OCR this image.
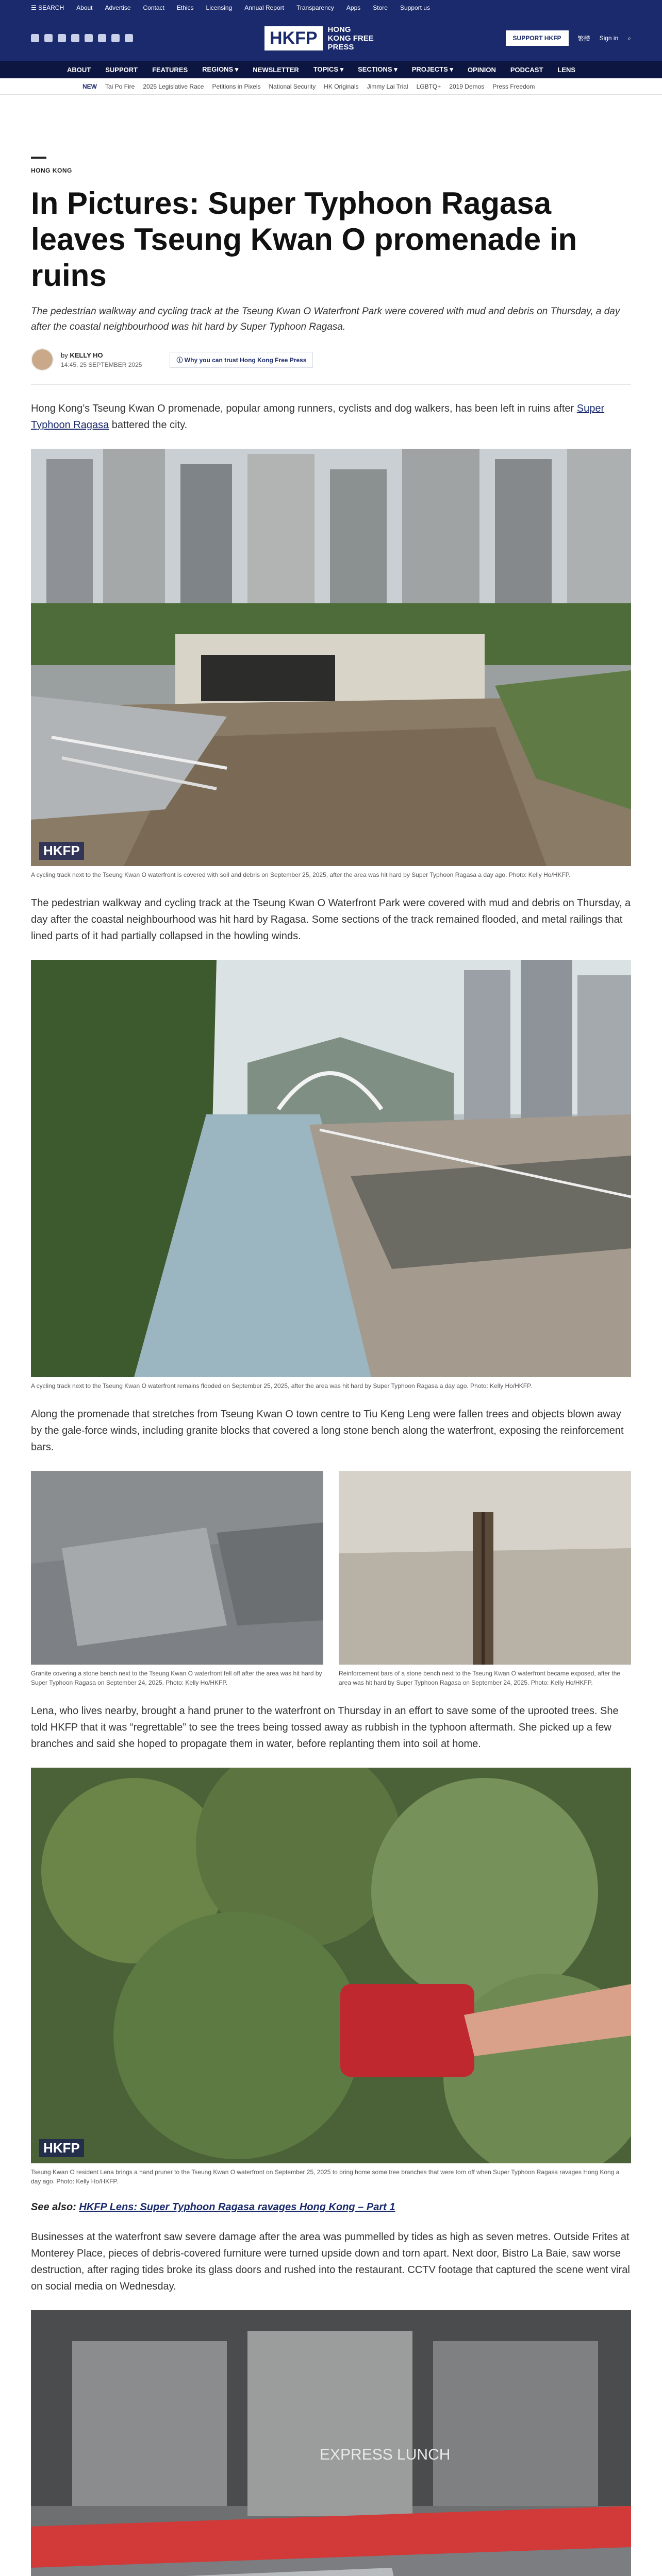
☰ SEARCH About Advertise Contact Ethics Licensing Annual Report Transparency Apps Store Support us
HKFP	HONG KONG FREE PRESS
SUPPORT HKFP	繁體 Sign in ⌕
ABOUT SUPPORT FEATURES REGIONS ▾ NEWSLETTER TOPICS ▾ SECTIONS ▾ PROJECTS ▾ OPINION PODCAST LENS
NEW Tai Po Fire 2025 Legislative Race Petitions in Pixels National Security HK Originals Jimmy Lai Trial LGBTQ+ 2019 Demos Press Freedom
HONG KONG
In Pictures: Super Typhoon Ragasa leaves Tseung Kwan O promenade in ruins

The pedestrian walkway and cycling track at the Tseung Kwan O Waterfront Park were covered with mud and debris on Thursday, a day after the coastal neighbourhood was hit hard by Super Typhoon Ragasa.

by KELLY HO
14:45, 25 SEPTEMBER 2025
ⓘ Why you can trust Hong Kong Free Press

Hong Kong’s Tseung Kwan O promenade, popular among runners, cyclists and dog walkers, has been left in ruins after Super Typhoon Ragasa battered the city.

HKFP

A cycling track next to the Tseung Kwan O waterfront is covered with soil and debris on September 25, 2025, after the area was hit hard by Super Typhoon Ragasa a day ago. Photo: Kelly Ho/HKFP.

The pedestrian walkway and cycling track at the Tseung Kwan O Waterfront Park were covered with mud and debris on Thursday, a day after the coastal neighbourhood was hit hard by Ragasa. Some sections of the track remained flooded, and metal railings that lined parts of it had partially collapsed in the howling winds.

A cycling track next to the Tseung Kwan O waterfront remains flooded on September 25, 2025, after the area was hit hard by Super Typhoon Ragasa a day ago. Photo: Kelly Ho/HKFP.

Along the promenade that stretches from Tseung Kwan O town centre to Tiu Keng Leng were fallen trees and objects blown away by the gale-force winds, including granite blocks that covered a long stone bench along the waterfront, exposing the reinforcement bars.

Granite covering a stone bench next to the Tseung Kwan O waterfront fell off after the area was hit hard by Super Typhoon Ragasa on September 24, 2025. Photo: Kelly Ho/HKFP.

Reinforcement bars of a stone bench next to the Tseung Kwan O waterfront became exposed, after the area was hit hard by Super Typhoon Ragasa on September 24, 2025. Photo: Kelly Ho/HKFP.

Lena, who lives nearby, brought a hand pruner to the waterfront on Thursday in an effort to save some of the uprooted trees. She told HKFP that it was “regrettable” to see the trees being tossed away as rubbish in the typhoon aftermath. She picked up a few branches and said she hoped to propagate them in water, before replanting them into soil at home.

HKFP

Tseung Kwan O resident Lena brings a hand pruner to the Tseung Kwan O waterfront on September 25, 2025 to bring home some tree branches that were torn off when Super Typhoon Ragasa ravages Hong Kong a day ago. Photo: Kelly Ho/HKFP.

See also: HKFP Lens: Super Typhoon Ragasa ravages Hong Kong – Part 1

Businesses at the waterfront saw severe damage after the area was pummelled by tides as high as seven metres. Outside Frites at Monterey Place, pieces of debris-covered furniture were turned upside down and torn apart. Next door, Bistro La Baie, saw worse destruction, after raging tides broke its glass doors and rushed into the restaurant. CCTV footage that captured the scene went viral on social media on Wednesday.

EXPRESS LUNCH
